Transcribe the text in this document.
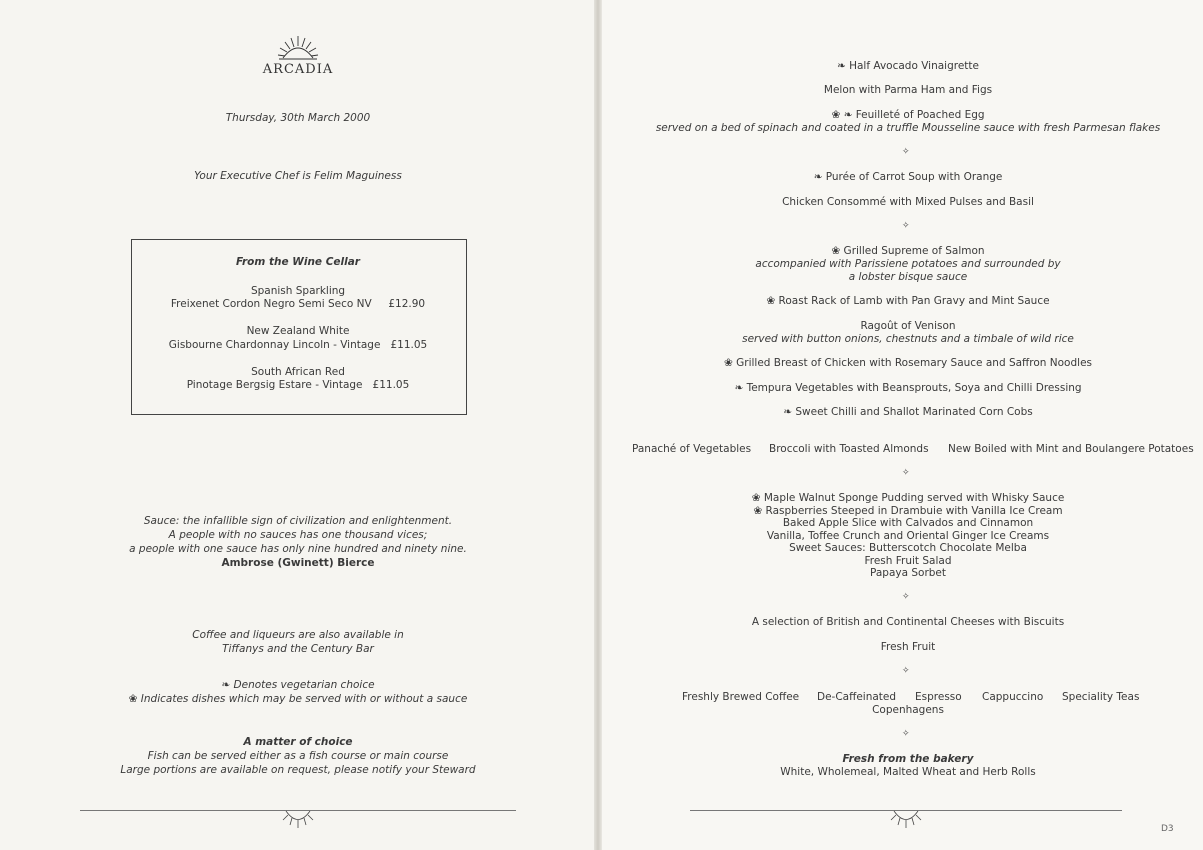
ARCADIA
Thursday, 30th March 2000
Your Executive Chef is Felim Maguiness
From the Wine Cellar
Spanish Sparkling
Freixenet Cordon Negro Semi Seco NV £12.90
New Zealand White
Gisbourne Chardonnay Lincoln - Vintage £11.05
South African Red
Pinotage Bergsig Estare - Vintage £11.05
Sauce: the infallible sign of civilization and enlightenment.
A people with no sauces has one thousand vices;
a people with one sauce has only nine hundred and ninety nine.
Ambrose (Gwinett) Bierce
Coffee and liqueurs are also available in
Tiffanys and the Century Bar
❧ Denotes vegetarian choice
❀ Indicates dishes which may be served with or without a sauce
A matter of choice
Fish can be served either as a fish course or main course
Large portions are available on request, please notify your Steward
❧ Half Avocado Vinaigrette
Melon with Parma Ham and Figs
❀ ❧ Feuilleté of Poached Egg
served on a bed of spinach and coated in a truffle Mousseline sauce with fresh Parmesan flakes
✧
❧ Purée of Carrot Soup with Orange
Chicken Consommé with Mixed Pulses and Basil
✧
❀ Grilled Supreme of Salmon
accompanied with Parissiene potatoes and surrounded by
a lobster bisque sauce
❀ Roast Rack of Lamb with Pan Gravy and Mint Sauce
Ragoût of Venison
served with button onions, chestnuts and a timbale of wild rice
❀ Grilled Breast of Chicken with Rosemary Sauce and Saffron Noodles
❧ Tempura Vegetables with Beansprouts, Soya and Chilli Dressing
❧ Sweet Chilli and Shallot Marinated Corn Cobs
Panaché of Vegetables Broccoli with Toasted Almonds New Boiled with Mint and Boulangere Potatoes
✧
❀ Maple Walnut Sponge Pudding served with Whisky Sauce
❀ Raspberries Steeped in Drambuie with Vanilla Ice Cream
Baked Apple Slice with Calvados and Cinnamon
Vanilla, Toffee Crunch and Oriental Ginger Ice Creams
Sweet Sauces: Butterscotch Chocolate Melba
Fresh Fruit Salad
Papaya Sorbet
✧
A selection of British and Continental Cheeses with Biscuits
Fresh Fruit
✧
Freshly Brewed Coffee De-Caffeinated Espresso Cappuccino Speciality Teas
Copenhagens
✧
Fresh from the bakery
White, Wholemeal, Malted Wheat and Herb Rolls
D3
